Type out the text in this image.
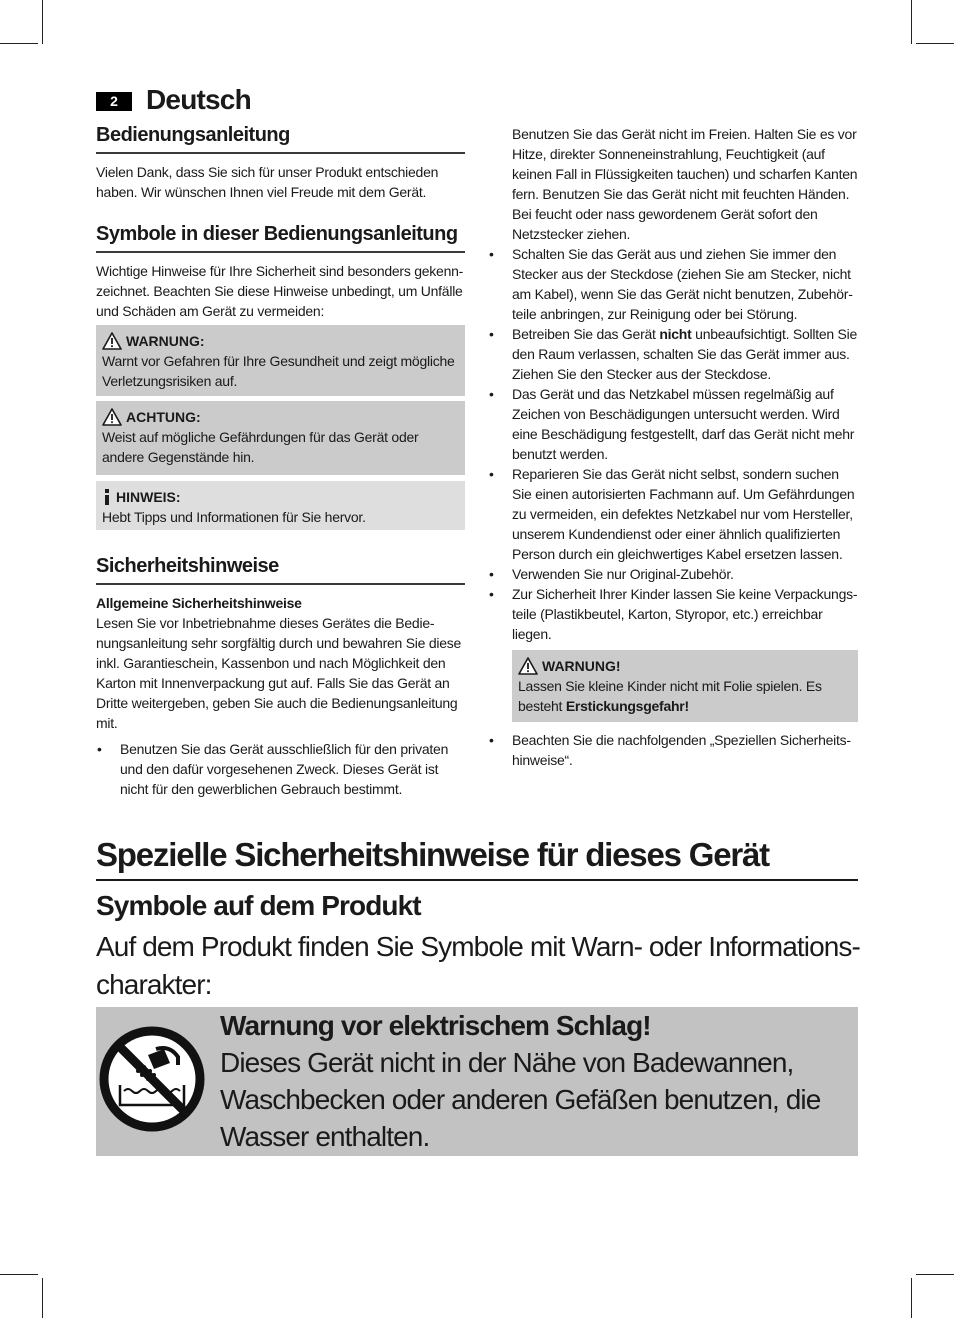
2	Deutsch
Bedienungsanleitung

Vielen Dank, dass Sie sich für unser Produkt entschieden haben. Wir wünschen Ihnen viel Freude mit dem Gerät.

Symbole in dieser Bedienungsanleitung

Wichtige Hinweise für Ihre Sicherheit sind besonders gekennzeichnet. Beachten Sie diese Hinweise unbedingt, um Unfälle und Schäden am Gerät zu vermeiden:

WARNUNG:
Warnt vor Gefahren für Ihre Gesundheit und zeigt mögliche Verletzungsrisiken auf.
ACHTUNG:
Weist auf mögliche Gefährdungen für das Gerät oder andere Gegenstände hin.
HINWEIS:
Hebt Tipps und Informationen für Sie hervor.
Sicherheitshinweise

Allgemeine Sicherheitshinweise

Lesen Sie vor Inbetriebnahme dieses Gerätes die Bedienungsanleitung sehr sorgfältig durch und bewahren Sie diese inkl. Garantieschein, Kassenbon und nach Möglichkeit den Karton mit Innenverpackung gut auf. Falls Sie das Gerät an Dritte weitergeben, geben Sie auch die Bedienungsanleitung mit.

• Benutzen Sie das Gerät ausschließlich für den privaten und den dafür vorgesehenen Zweck. Dieses Gerät ist nicht für den gewerblichen Gebrauch bestimmt.

Benutzen Sie das Gerät nicht im Freien. Halten Sie es vor Hitze, direkter Sonneneinstrahlung, Feuchtigkeit (auf keinen Fall in Flüssigkeiten tauchen) und scharfen Kanten fern. Benutzen Sie das Gerät nicht mit feuchten Händen. Bei feucht oder nass gewordenem Gerät sofort den Netzstecker ziehen.

• Schalten Sie das Gerät aus und ziehen Sie immer den Stecker aus der Steckdose (ziehen Sie am Stecker, nicht am Kabel), wenn Sie das Gerät nicht benutzen, Zubehörteile anbringen, zur Reinigung oder bei Störung.
• Betreiben Sie das Gerät nicht unbeaufsichtigt. Sollten Sie den Raum verlassen, schalten Sie das Gerät immer aus. Ziehen Sie den Stecker aus der Steckdose.
• Das Gerät und das Netzkabel müssen regelmäßig auf Zeichen von Beschädigungen untersucht werden. Wird eine Beschädigung festgestellt, darf das Gerät nicht mehr benutzt werden.
• Reparieren Sie das Gerät nicht selbst, sondern suchen Sie einen autorisierten Fachmann auf. Um Gefährdungen zu vermeiden, ein defektes Netzkabel nur vom Hersteller, unserem Kundendienst oder einer ähnlich qualifizierten Person durch ein gleichwertiges Kabel ersetzen lassen.
• Verwenden Sie nur Original-Zubehör.
• Zur Sicherheit Ihrer Kinder lassen Sie keine Verpackungsteile (Plastikbeutel, Karton, Styropor, etc.) erreichbar liegen.
WARNUNG!
Lassen Sie kleine Kinder nicht mit Folie spielen. Es besteht Erstickungsgefahr!
• Beachten Sie die nachfolgenden „Speziellen Sicherheitshinweise“.
Spezielle Sicherheitshinweise für dieses Gerät
Symbole auf dem Produkt
Auf dem Produkt finden Sie Symbole mit Warn- oder Informationscharakter:
Warnung vor elektrischem Schlag!
Dieses Gerät nicht in der Nähe von Badewannen, Waschbecken oder anderen Gefäßen benutzen, die Wasser enthalten.
